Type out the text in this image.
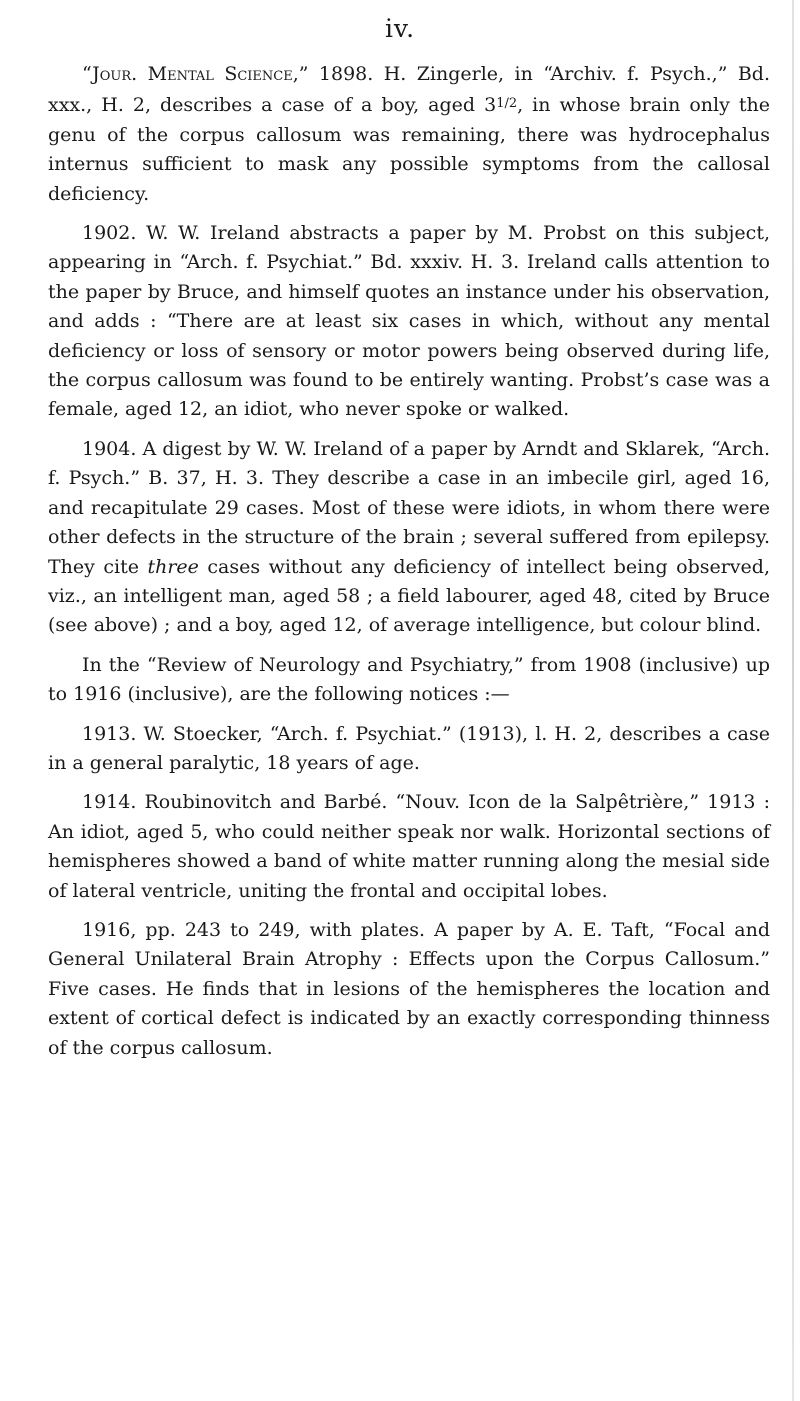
iv.

“Jour. Mental Science,” 1898. H. Zingerle, in “Archiv. f. Psych.,” Bd. xxx., H. 2, describes a case of a boy, aged $3^{1/2}$, in whose brain only the genu of the corpus callosum was remaining, there was hydrocephalus internus sufficient to mask any possible symptoms from the callosal deficiency.

1902. W. W. Ireland abstracts a paper by M. Probst on this subject, appearing in “Arch. f. Psychiat.” Bd. xxxiv. H. 3. Ireland calls attention to the paper by Bruce, and himself quotes an instance under his observation, and adds : “There are at least six cases in which, without any mental deficiency or loss of sensory or motor powers being observed during life, the corpus callosum was found to be entirely wanting. Probst’s case was a female, aged 12, an idiot, who never spoke or walked.

1904. A digest by W. W. Ireland of a paper by Arndt and Sklarek, “Arch. f. Psych.” B. 37, H. 3. They describe a case in an imbecile girl, aged 16, and recapitulate 29 cases. Most of these were idiots, in whom there were other defects in the structure of the brain ; several suffered from epilepsy. They cite three cases without any deficiency of intellect being observed, viz., an intelligent man, aged 58 ; a field labourer, aged 48, cited by Bruce (see above) ; and a boy, aged 12, of average intelligence, but colour blind.

In the “Review of Neurology and Psychiatry,” from 1908 (inclusive) up to 1916 (inclusive), are the following notices :—

1913. W. Stoecker, “Arch. f. Psychiat.” (1913), l. H. 2, describes a case in a general paralytic, 18 years of age.

1914. Roubinovitch and Barbé. “Nouv. Icon de la Salpêtrière,” 1913 : An idiot, aged 5, who could neither speak nor walk. Horizontal sections of hemispheres showed a band of white matter running along the mesial side of lateral ventricle, uniting the frontal and occipital lobes.

1916, pp. 243 to 249, with plates. A paper by A. E. Taft, “Focal and General Unilateral Brain Atrophy : Effects upon the Corpus Callosum.” Five cases. He finds that in lesions of the hemispheres the location and extent of cortical defect is indicated by an exactly corresponding thinness of the corpus callosum.
